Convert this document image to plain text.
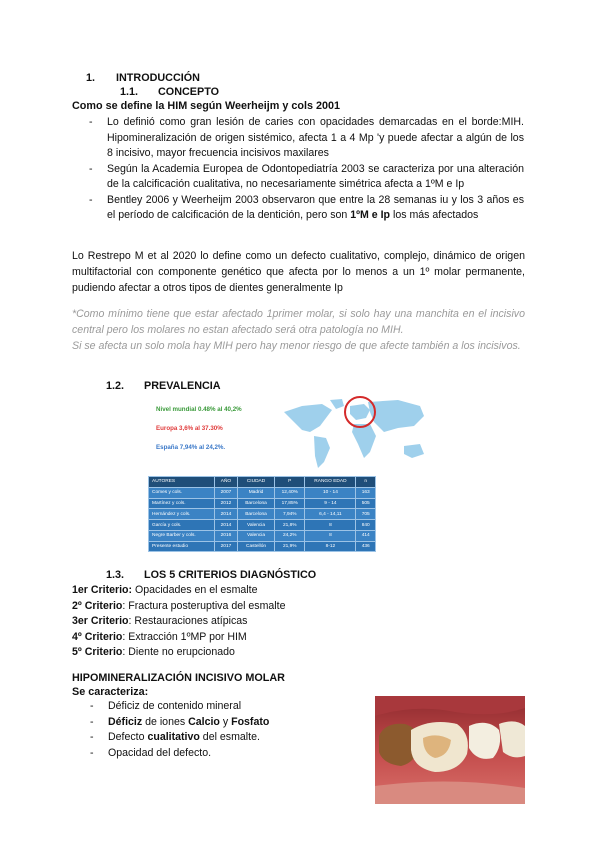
1. INTRODUCCIÓN
1.1. CONCEPTO
Como se define la HIM según Weerheijm y cols 2001
- Lo definió como gran lesión de caries con opacidades demarcadas en el borde:MIH. Hipomineralización de origen sistémico, afecta 1 a 4 Mp 'y puede afectar a algún de los 8 incisivo, mayor frecuencia incisivos maxilares
- Según la Academia Europea de Odontopediatría 2003 se caracteriza por una alteración de la calcificación cualitativa, no necesariamente simétrica afecta a 1ºM e Ip
- Bentley 2006 y Weerheijm 2003 observaron que entre la 28 semanas iu y los 3 años es el período de calcificación de la dentición, pero son 1ºM e Ip los más afectados
Lo Restrepo M et al 2020 lo define como un defecto cualitativo, complejo, dinámico de origen multifactorial con componente genético que afecta por lo menos a un 1º molar permanente, pudiendo afectar a otros tipos de dientes generalmente Ip
*Como mínimo tiene que estar afectado 1primer molar, si solo hay una manchita en el incisivo central pero los molares no estan afectado será otra patología no MIH.
Si se afecta un solo mola hay MIH pero hay menor riesgo de que afecte también a los incisivos.
1.2. PREVALENCIA
Nivel mundial 0.48% al 40,2%
Europa 3,6% al 37.30%
España 7,94% al 24,2%.
AUTORES	AÑO	CIUDAD	P	RANGO EDAD	n
Comes y cols.	2007	Madrid	12,40%	10 - 14	163
Martínez y cols.	2012	Barcelona	17,85%	9 - 14	505
Hernández y cols.	2014	Barcelona	7,94%	6,4 - 14,11	705
García y cols.	2014	Valencia	21,8%	8	840
Negre Barber y cols.	2016	Valencia	24,2%	8	414
Presente estudio	2017	Castellón	21,9%	8-12	436
1.3. LOS 5 CRITERIOS DIAGNÓSTICO
1er Criterio: Opacidades en el esmalte
2º Criterio: Fractura posteruptiva del esmalte
3er Criterio: Restauraciones atípicas
4º Criterio: Extracción 1ºMP por HIM
5º Criterio: Diente no erupcionado
HIPOMINERALIZACIÓN INCISIVO MOLAR
Se caracteriza:
- Déficiz de contenido mineral
- Déficiz de iones Calcio y Fosfato
- Defecto cualitativo del esmalte.
- Opacidad del defecto.
